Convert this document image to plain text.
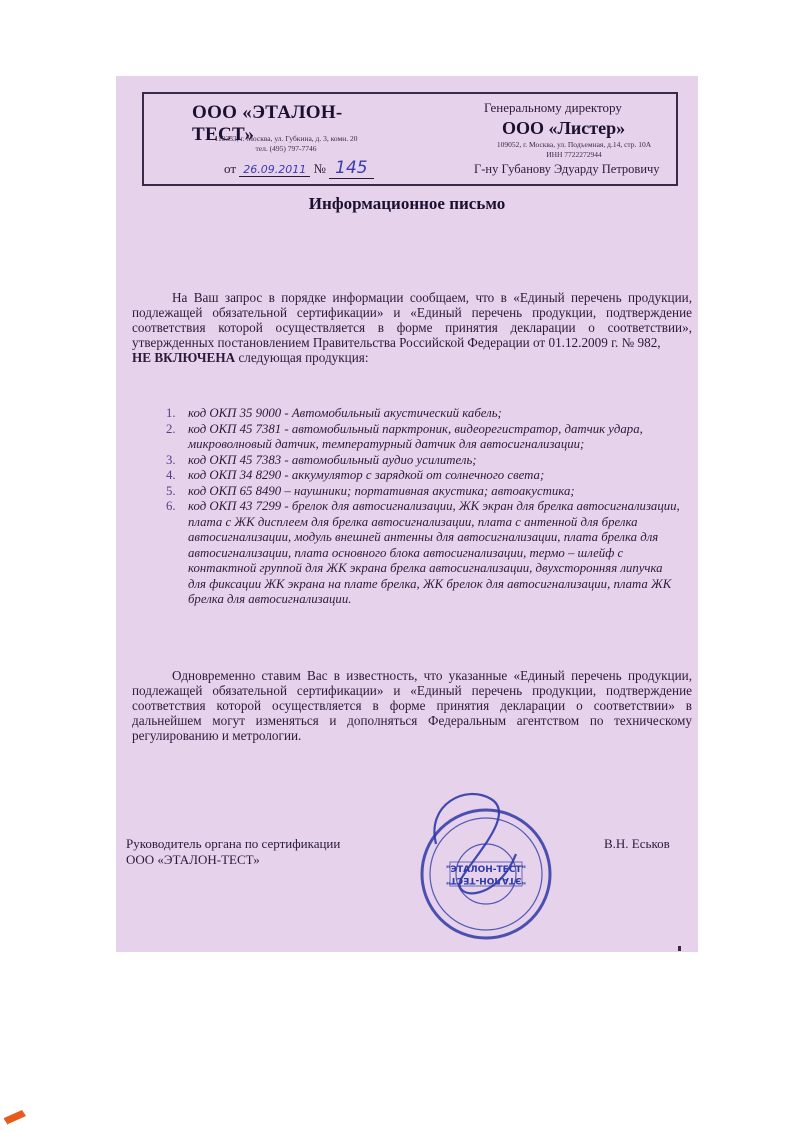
ООО «ЭТАЛОН-ТЕСТ»
119333, г. Москва, ул. Губкина, д. 3, комн. 20
тел. (495) 797-7746
от 26.09.2011 № 145
Генеральному директору
ООО «Листер»
109052, г. Москва, ул. Подъемная, д.14, стр. 10А
ИНН 7722272944
Г-ну Губанову Эдуарду Петровичу
Информационное письмо
На Ваш запрос в порядке информации сообщаем, что в «Единый перечень продукции, подлежащей обязательной сертификации» и «Единый перечень продукции, подтверждение соответствия которой осуществляется в форме принятия декларации о соответствии», утвержденных постановлением Правительства Российской Федерации от 01.12.2009 г. № 982,
НЕ ВКЛЮЧЕНА следующая продукция:
1. код ОКП 35 9000 - Автомобильный акустический кабель;
2. код ОКП 45 7381 - автомобильный парктроник, видеорегистратор, датчик удара, микроволновый датчик, температурный датчик для автосигнализации;
3. код ОКП 45 7383 - автомобильный аудио усилитель;
4. код ОКП 34 8290 - аккумулятор с зарядкой от солнечного света;
5. код ОКП 65 8490 – наушники; портативная акустика; автоакустика;
6. код ОКП 43 7299 - брелок для автосигнализации, ЖК экран для брелка автосигнализации, плата с ЖК дисплеем для брелка автосигнализации, плата с антенной для брелка автосигнализации, модуль внешней антенны для автосигнализации, плата брелка для автосигнализации, плата основного блока автосигнализации, термо – шлейф с контактной группой для ЖК экрана брелка автосигнализации, двухсторонняя липучка для фиксации ЖК экрана на плате брелка, ЖК брелок для автосигнализации, плата ЖК брелка для автосигнализации.
Одновременно ставим Вас в известность, что указанные «Единый перечень продукции, подлежащей обязательной сертификации» и «Единый перечень продукции, подтверждение соответствия которой осуществляется в форме принятия декларации о соответствии» в дальнейшем могут изменяться и дополняться Федеральным агентством по техническому регулированию и метрологии.
"ЭТАЛОН-ТЕСТ"
"ЭТАЛОН-ТЕСТ"
Руководитель органа по сертификации
ООО «ЭТАЛОН-ТЕСТ»
В.Н. Еськов
